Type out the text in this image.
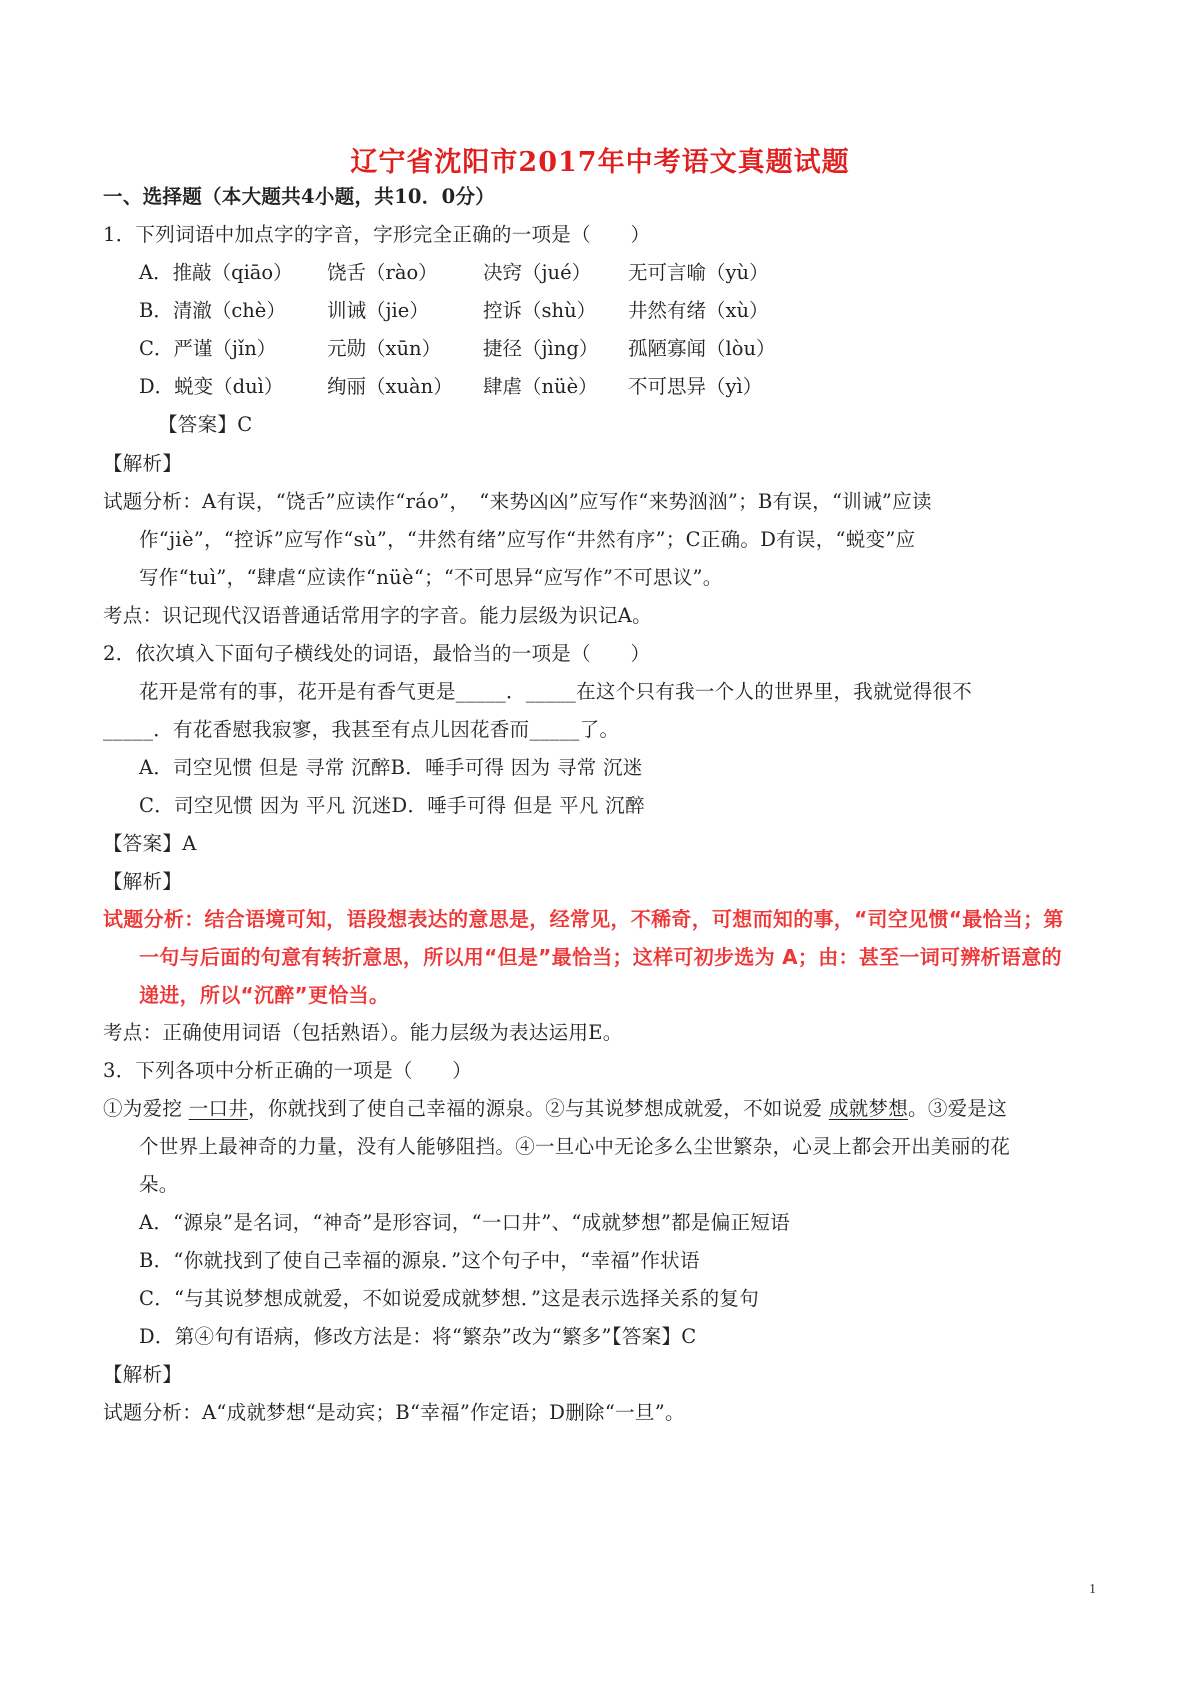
辽宁省沈阳市2017年中考语文真题试题
一、选择题（本大题共4小题，共10．0分）
1．下列词语中加点字的字音，字形完全正确的一项是（　　）
A．推敲（qiāo） 饶舌（ràо） 决窍（jué） 无可言喻（yù）
B．清澈（chè） 训诫（jie）	控诉（shù） 井然有绪（xù）
C．严谨（jǐn）	元勋（xūn） 捷径（jìng） 孤陋寡闻（lòu）
D．蜕变（duì） 绚丽（xuàn） 肆虐（nüè） 不可思异（yì）
【答案】C
【解析】
试题分析：A有误，“饶舌”应读作“ráo”，　“来势凶凶”应写作“来势汹汹”；B有误，“训诫”应读
作“jiè”，“控诉”应写作“sù”，“井然有绪”应写作“井然有序”；C正确。D有误，“蜕变”应
写作“tuì”，“肆虐“应读作“nüè“；“不可思异“应写作”不可思议”。
考点：识记现代汉语普通话常用字的字音。能力层级为识记A。
2．依次填入下面句子横线处的词语，最恰当的一项是（　　）
花开是常有的事，花开是有香气更是_____．_____在这个只有我一个人的世界里，我就觉得很不
_____．有花香慰我寂寥，我甚至有点儿因花香而_____了。
A．司空见惯 但是 寻常 沉醉B．唾手可得 因为 寻常 沉迷
C．司空见惯 因为 平凡 沉迷D．唾手可得 但是 平凡 沉醉
【答案】A
【解析】
试题分析：结合语境可知，语段想表达的意思是，经常见，不稀奇，可想而知的事，“司空见惯“最恰当；第
一句与后面的句意有转折意思，所以用“但是”最恰当；这样可初步选为 A；由：甚至一词可辨析语意的
递进，所以“沉醉”更恰当。
考点：正确使用词语（包括熟语）。能力层级为表达运用E。
3．下列各项中分析正确的一项是（　　）
①为爱挖 一口井，你就找到了使自己幸福的源泉。②与其说梦想成就爱，不如说爱 成就梦想。③爱是这
个世界上最神奇的力量，没有人能够阻挡。④一旦心中无论多么尘世繁杂，心灵上都会开出美丽的花
朵。
A．“源泉”是名词，“神奇”是形容词，“一口井”、“成就梦想”都是偏正短语
B．“你就找到了使自己幸福的源泉．”这个句子中，“幸福”作状语
C．“与其说梦想成就爱，不如说爱成就梦想．”这是表示选择关系的复句
D．第④句有语病，修改方法是：将“繁杂”改为“繁多”【答案】C
【解析】
试题分析：A“成就梦想“是动宾；B“幸福”作定语；D删除“一旦”。
1
